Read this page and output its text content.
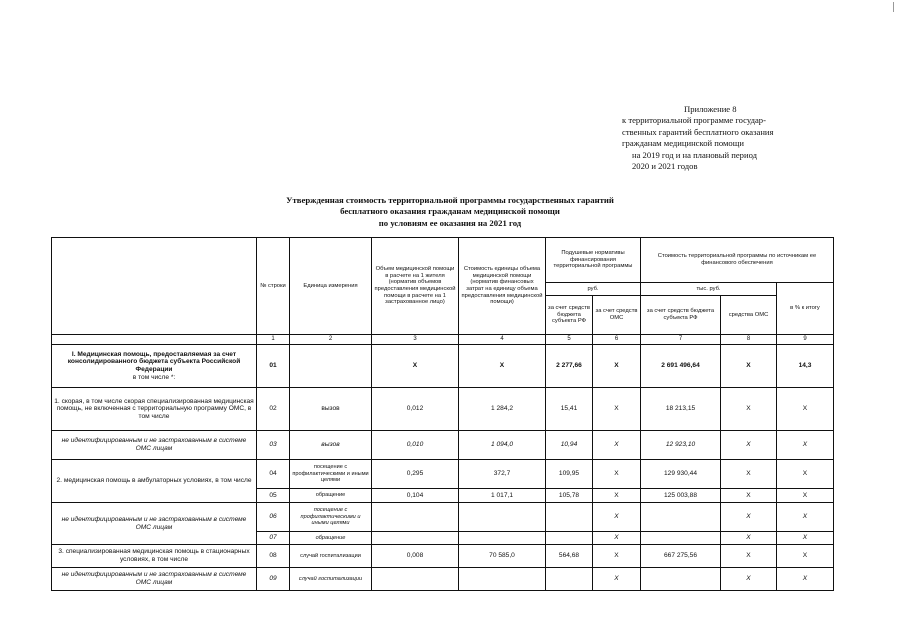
Приложение 8
к территориальной программе государ-
ственных гарантий бесплатного оказания
гражданам медицинской помощи
на 2019 год и на плановый период
2020 и 2021 годов
Утвержденная стоимость территориальной программы государственных гарантий
бесплатного оказания гражданам медицинской помощи
по условиям ее оказания на 2021 год
	№ строки	Единица измерения	Объем медицинской помощи в расчете на 1 жителя (норматив объемов предоставления медицинской помощи в расчете на 1 застрахованное лицо)	Стоимость единицы объема медицинской помощи (норматив финансовых затрат на единицу объема предоставления медицинской помощи)	Подушевые нормативы финансирования территориальной программы		Стоимость территориальной программы по источникам ее финансового обеспечения		
					руб.		тыс. руб.		в % к итогу
					за счет средств бюджета субъекта РФ	за счет средств ОМС	за счет средств бюджета субъекта РФ	средства ОМС	
	1	2	3	4	5	6	7	8	9
I. Медицинская помощь, предоставляемая за счет консолидированного бюджета субъекта Российской Федерации
в том числе *:	01		X	X	2 277,66	X	2 691 496,64	X	14,3
1. скорая, в том числе скорая специализированная медицинская помощь, не включенная с территориальную программу ОМС, в том числе	02	вызов	0,012	1 284,2	15,41	X	18 213,15	X	X
не идентифицированным и не застрахованным в системе ОМС лицам	03	вызов	0,010	1 094,0	10,94	X	12 923,10	X	X
2. медицинская помощь в амбулаторных условиях, в том числе	04	посещение с профилактическими и иными целями	0,295	372,7	109,95	X	129 930,44	X	X
	05	обращение	0,104	1 017,1	105,78	X	125 003,88	X	X
не идентифицированным и не застрахованным в системе ОМС лицам	06	посещение с профилактическими и иными целями				X		X	X
	07	обращение				X		X	X
3. специализированная медицинская помощь в стационарных условиях, в том числе	08	случай госпитализации	0,008	70 585,0	564,68	X	667 275,56	X	X
не идентифицированным и не застрахованным в системе ОМС лицам	09	случай госпитализации				X		X	X
